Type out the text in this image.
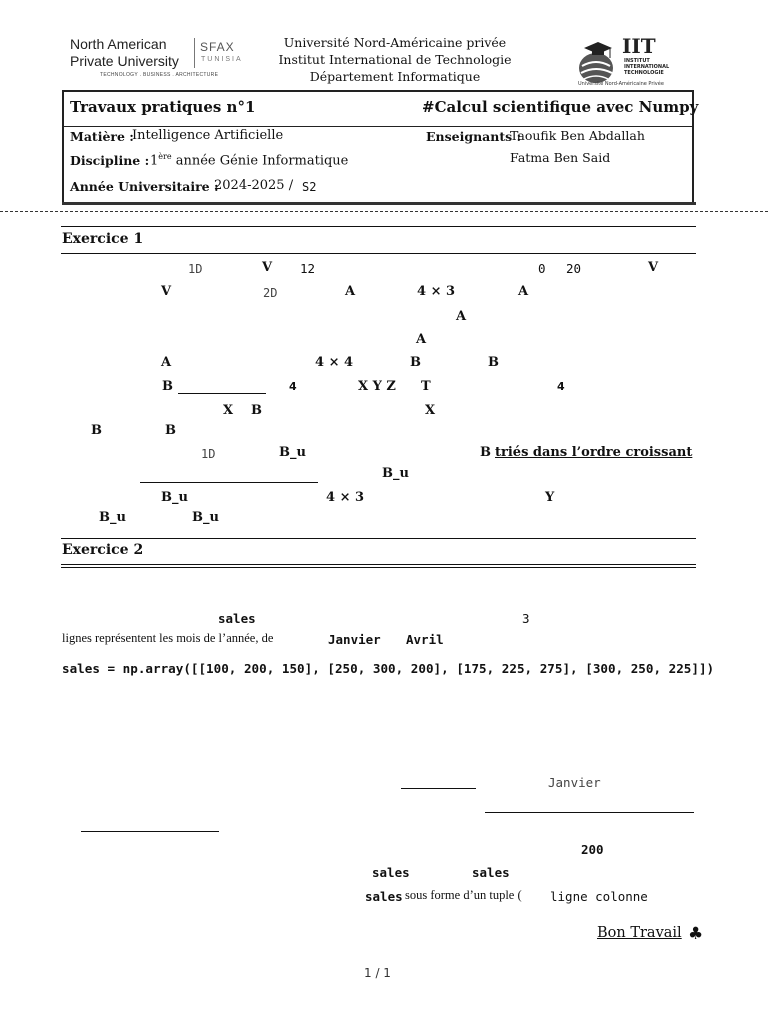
North American
Private University
SFAX
TUNISIA
TECHNOLOGY . BUSINESS . ARCHITECTURE
Université Nord-Américaine privée
Institut International de Technologie
Département Informatique
IIT
INSTITUT
INTERNATIONAL
TECHNOLOGIE
Université Nord-Américaine Privée
Travaux pratiques n°1	#Calcul scientifique avec Numpy
Matière :
Intelligence Artificielle
Discipline : 1ère année Génie Informatique
Année Universitaire :
2024-2025 / S2
Enseignants :
Taoufik Ben Abdallah
Fatma Ben Said
Exercice 1
1D	V 12	0 20	V
V	2D	A	4 × 3	A
A
A
A	4 × 4	B	B
B	4	X Y Z T	4
X B	X
B	B
1D	B_u	B triés dans l’ordre croissant
B_u
B_u	4 × 3	Y
B_u	B_u
Exercice 2
sales	3
lignes représentent les mois de l’année, de	Janvier Avril
sales = np.array([[100, 200, 150], [250, 300, 200], [175, 225, 275], [300, 250, 225]])
Janvier
200
sales	sales
sales sous forme d’un tuple ( ligne colonne
Bon Travail ♣
1 / 1
